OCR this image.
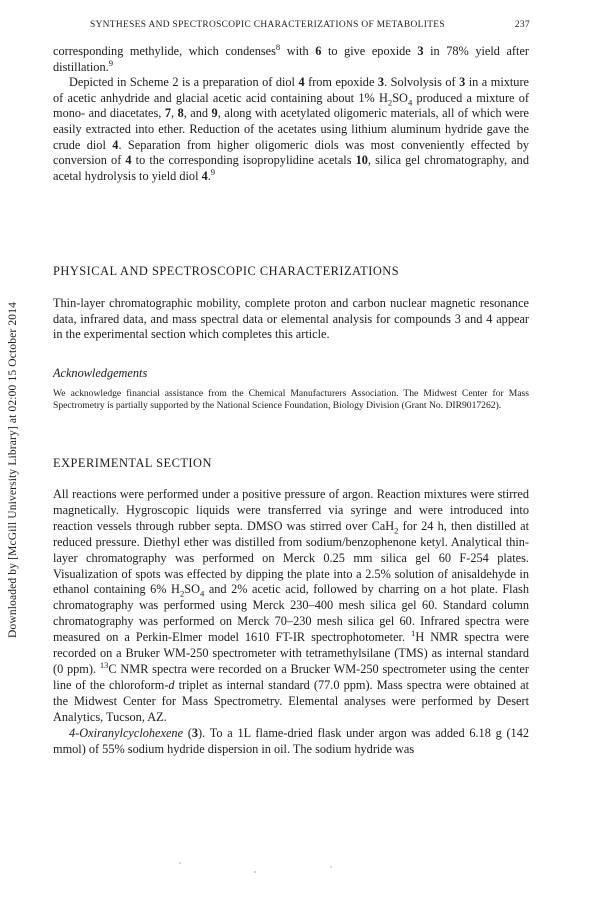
SYNTHESES AND SPECTROSCOPIC CHARACTERIZATIONS OF METABOLITES	237
Downloaded by [McGill University Library] at 02:00 15 October 2014

corresponding methylide, which condenses$^8$ with 6 to give epoxide 3 in 78% yield after distillation.$^9$

Depicted in Scheme 2 is a preparation of diol 4 from epoxide 3. Solvolysis of 3 in a mixture of acetic anhydride and glacial acetic acid containing about 1% $H_2SO_4$ produced a mixture of mono- and diacetates, 7, 8, and 9, along with acetylated oligomeric materials, all of which were easily extracted into ether. Reduction of the acetates using lithium aluminum hydride gave the crude diol 4. Separation from higher oligomeric diols was most conveniently effected by conversion of 4 to the corresponding isopropylidine acetals 10, silica gel chromatography, and acetal hydrolysis to yield diol 4.$^9$

PHYSICAL AND SPECTROSCOPIC CHARACTERIZATIONS

Thin-layer chromatographic mobility, complete proton and carbon nuclear magnetic resonance data, infrared data, and mass spectral data or elemental analysis for compounds 3 and 4 appear in the experimental section which completes this article.

Acknowledgements
We acknowledge financial assistance from the Chemical Manufacturers Association. The Midwest Center for Mass Spectrometry is partially supported by the National Science Foundation, Biology Division (Grant No. DIR9017262).
EXPERIMENTAL SECTION

All reactions were performed under a positive pressure of argon. Reaction mixtures were stirred magnetically. Hygroscopic liquids were transferred via syringe and were introduced into reaction vessels through rubber septa. DMSO was stirred over CaH$_2$ for 24 h, then distilled at reduced pressure. Diethyl ether was distilled from sodium/benzophenone ketyl. Analytical thin-layer chromatography was performed on Merck 0.25 mm silica gel 60 F-254 plates. Visualization of spots was effected by dipping the plate into a 2.5% solution of anisaldehyde in ethanol containing 6% $H_2SO_4$ and 2% acetic acid, followed by charring on a hot plate. Flash chromatography was performed using Merck 230–400 mesh silica gel 60. Standard column chromatography was performed on Merck 70–230 mesh silica gel 60. Infrared spectra were measured on a Perkin-Elmer model 1610 FT-IR spectrophotometer. $^1$H NMR spectra were recorded on a Bruker WM-250 spectrometer with tetramethylsilane (TMS) as internal standard (0 ppm). $^{13}$C NMR spectra were recorded on a Brucker WM-250 spectrometer using the center line of the chloroform-d triplet as internal standard (77.0 ppm). Mass spectra were obtained at the Midwest Center for Mass Spectrometry. Elemental analyses were performed by Desert Analytics, Tucson, AZ.

4-Oxiranylcyclohexene (3). To a 1L flame-dried flask under argon was added 6.18 g (142 mmol) of 55% sodium hydride dispersion in oil. The sodium hydride was
